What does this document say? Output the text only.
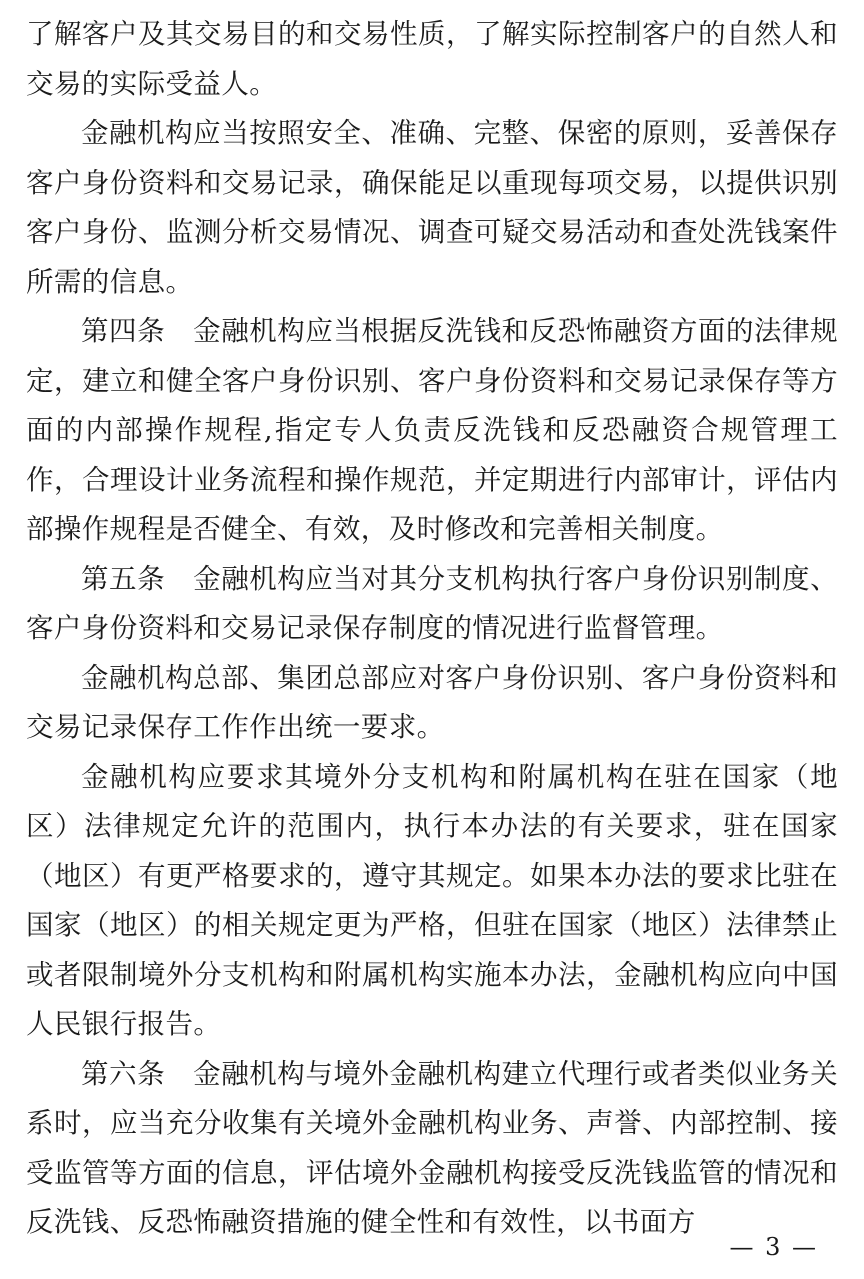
了解客户及其交易目的和交易性质，了解实际控制客户的自然人和交易的实际受益人。

金融机构应当按照安全、准确、完整、保密的原则，妥善保存客户身份资料和交易记录，确保能足以重现每项交易，以提供识别客户身份、监测分析交易情况、调查可疑交易活动和查处洗钱案件所需的信息。

第四条　金融机构应当根据反洗钱和反恐怖融资方面的法律规定，建立和健全客户身份识别、客户身份资料和交易记录保存等方面的内部操作规程,指定专人负责反洗钱和反恐融资合规管理工作，合理设计业务流程和操作规范，并定期进行内部审计，评估内部操作规程是否健全、有效，及时修改和完善相关制度。

第五条　金融机构应当对其分支机构执行客户身份识别制度、客户身份资料和交易记录保存制度的情况进行监督管理。

金融机构总部、集团总部应对客户身份识别、客户身份资料和交易记录保存工作作出统一要求。

金融机构应要求其境外分支机构和附属机构在驻在国家（地区）法律规定允许的范围内，执行本办法的有关要求，驻在国家（地区）有更严格要求的，遵守其规定。如果本办法的要求比驻在国家（地区）的相关规定更为严格，但驻在国家（地区）法律禁止或者限制境外分支机构和附属机构实施本办法，金融机构应向中国人民银行报告。

第六条　金融机构与境外金融机构建立代理行或者类似业务关系时，应当充分收集有关境外金融机构业务、声誉、内部控制、接受监管等方面的信息，评估境外金融机构接受反洗钱监管的情况和反洗钱、反恐怖融资措施的健全性和有效性，以书面方

— 3 —
